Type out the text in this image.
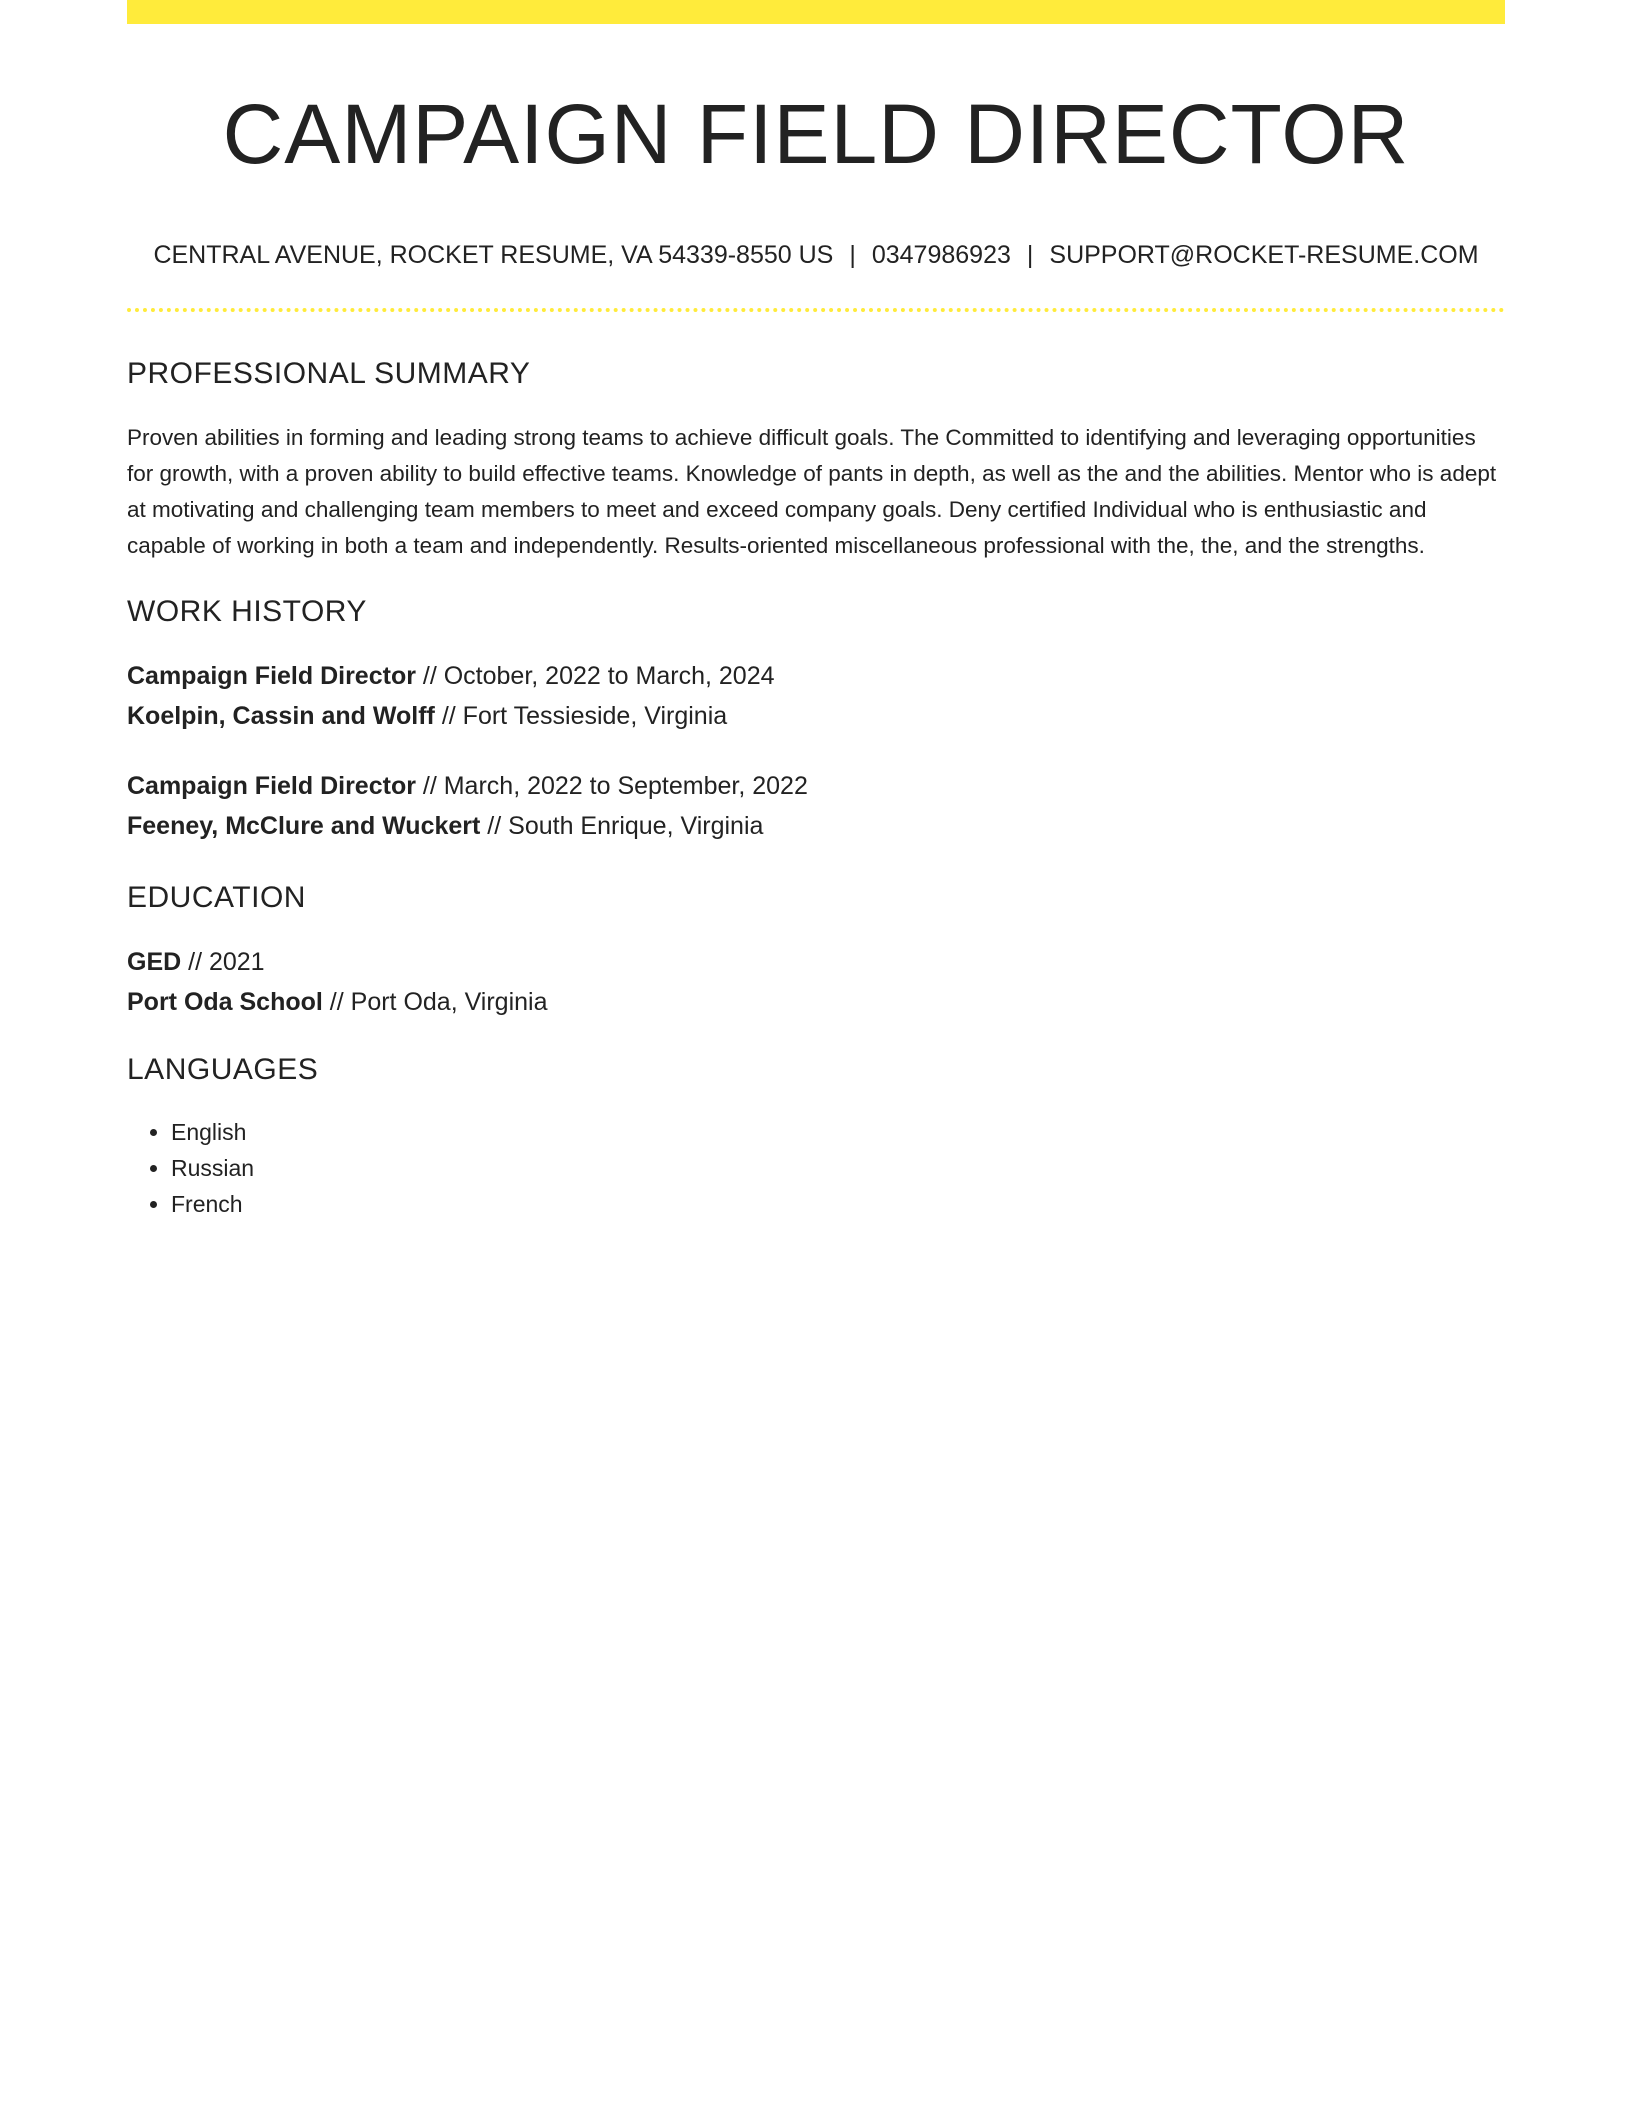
CAMPAIGN FIELD DIRECTOR
CENTRAL AVENUE, ROCKET RESUME, VA 54339-8550 US | 0347986923 | SUPPORT@ROCKET-RESUME.COM
PROFESSIONAL SUMMARY
Proven abilities in forming and leading strong teams to achieve difficult goals. The Committed to identifying and leveraging opportunities for growth, with a proven ability to build effective teams. Knowledge of pants in depth, as well as the and the abilities. Mentor who is adept at motivating and challenging team members to meet and exceed company goals. Deny certified Individual who is enthusiastic and capable of working in both a team and independently. Results-oriented miscellaneous professional with the, the, and the strengths.
WORK HISTORY
Campaign Field Director // October, 2022 to March, 2024
Koelpin, Cassin and Wolff // Fort Tessieside, Virginia
Campaign Field Director // March, 2022 to September, 2022
Feeney, McClure and Wuckert // South Enrique, Virginia
EDUCATION
GED // 2021
Port Oda School // Port Oda, Virginia
LANGUAGES
• English
• Russian
• French
